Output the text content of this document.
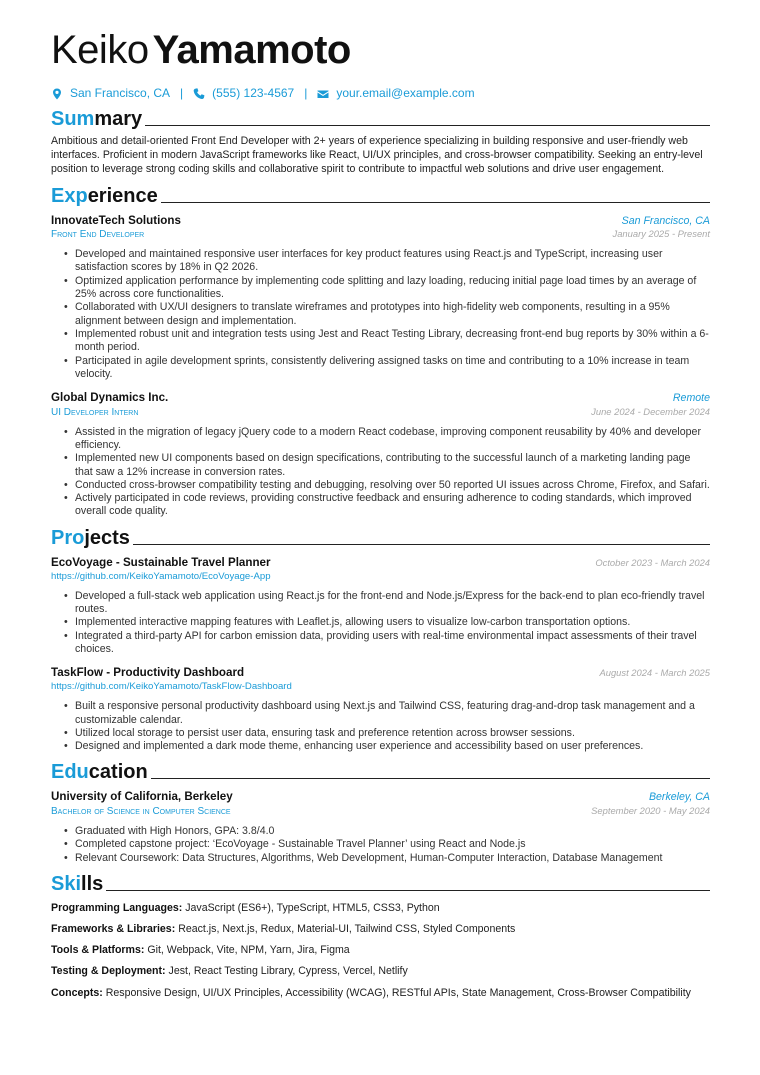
Keiko Yamamoto
San Francisco, CA | (555) 123-4567 | your.email@example.com
Summary

Ambitious and detail-oriented Front End Developer with 2+ years of experience specializing in building responsive and user-friendly web interfaces. Proficient in modern JavaScript frameworks like React, UI/UX principles, and cross-browser compatibility. Seeking an entry-level position to leverage strong coding skills and collaborative spirit to contribute to impactful web solutions and drive user engagement.

Experience
InnovateTech Solutions	San Francisco, CA
Front End Developer	January 2025 - Present
• Developed and maintained responsive user interfaces for key product features using React.js and TypeScript, increasing user satisfaction scores by 18% in Q2 2026.
• Optimized application performance by implementing code splitting and lazy loading, reducing initial page load times by an average of 25% across core functionalities.
• Collaborated with UX/UI designers to translate wireframes and prototypes into high-fidelity web components, resulting in a 95% alignment between design and implementation.
• Implemented robust unit and integration tests using Jest and React Testing Library, decreasing front-end bug reports by 30% within a 6-month period.
• Participated in agile development sprints, consistently delivering assigned tasks on time and contributing to a 10% increase in team velocity.
Global Dynamics Inc.	Remote
UI Developer Intern	June 2024 - December 2024
• Assisted in the migration of legacy jQuery code to a modern React codebase, improving component reusability by 40% and developer efficiency.
• Implemented new UI components based on design specifications, contributing to the successful launch of a marketing landing page that saw a 12% increase in conversion rates.
• Conducted cross-browser compatibility testing and debugging, resolving over 50 reported UI issues across Chrome, Firefox, and Safari.
• Actively participated in code reviews, providing constructive feedback and ensuring adherence to coding standards, which improved overall code quality.
Projects
EcoVoyage - Sustainable Travel Planner	October 2023 - March 2024
https://github.com/KeikoYamamoto/EcoVoyage-App
• Developed a full-stack web application using React.js for the front-end and Node.js/Express for the back-end to plan eco-friendly travel routes.
• Implemented interactive mapping features with Leaflet.js, allowing users to visualize low-carbon transportation options.
• Integrated a third-party API for carbon emission data, providing users with real-time environmental impact assessments of their travel choices.
TaskFlow - Productivity Dashboard	August 2024 - March 2025
https://github.com/KeikoYamamoto/TaskFlow-Dashboard
• Built a responsive personal productivity dashboard using Next.js and Tailwind CSS, featuring drag-and-drop task management and a customizable calendar.
• Utilized local storage to persist user data, ensuring task and preference retention across browser sessions.
• Designed and implemented a dark mode theme, enhancing user experience and accessibility based on user preferences.
Education
University of California, Berkeley	Berkeley, CA
Bachelor of Science in Computer Science	September 2020 - May 2024
• Graduated with High Honors, GPA: 3.8/4.0
• Completed capstone project: ‘EcoVoyage - Sustainable Travel Planner’ using React and Node.js
• Relevant Coursework: Data Structures, Algorithms, Web Development, Human-Computer Interaction, Database Management
Skills
Programming Languages: JavaScript (ES6+), TypeScript, HTML5, CSS3, Python
Frameworks & Libraries: React.js, Next.js, Redux, Material-UI, Tailwind CSS, Styled Components
Tools & Platforms: Git, Webpack, Vite, NPM, Yarn, Jira, Figma
Testing & Deployment: Jest, React Testing Library, Cypress, Vercel, Netlify
Concepts: Responsive Design, UI/UX Principles, Accessibility (WCAG), RESTful APIs, State Management, Cross-Browser Compatibility
